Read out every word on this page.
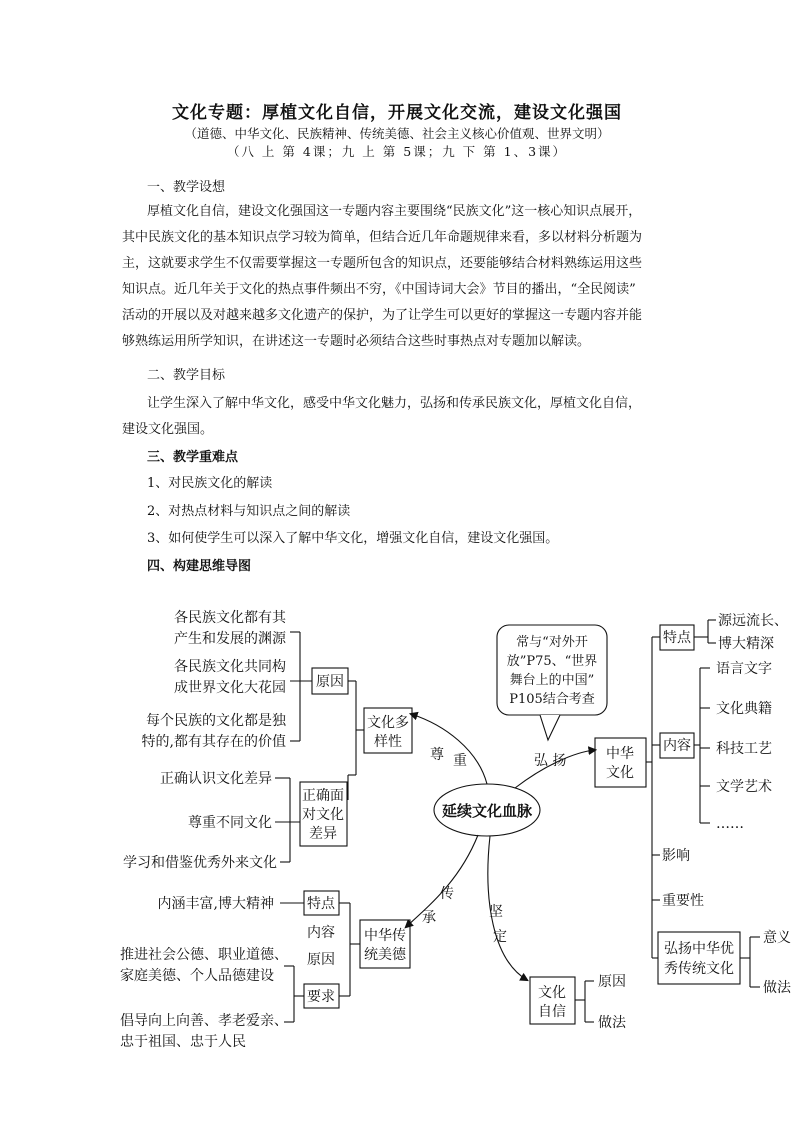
文化专题：厚植文化自信，开展文化交流，建设文化强国
（道德、中华文化、民族精神、传统美德、社会主义核心价值观、世界文明）
（八 上 第 4课；九 上 第 5课；九 下 第 1、3课）
一、教学设想
厚植文化自信，建设文化强国这一专题内容主要围绕“民族文化”这一核心知识点展开，
其中民族文化的基本知识点学习较为简单，但结合近几年命题规律来看，多以材料分析题为
主，这就要求学生不仅需要掌握这一专题所包含的知识点，还要能够结合材料熟练运用这些
知识点。近几年关于文化的热点事件频出不穷，《中国诗词大会》节目的播出，“全民阅读”
活动的开展以及对越来越多文化遗产的保护，为了让学生可以更好的掌握这一专题内容并能
够熟练运用所学知识，在讲述这一专题时必须结合这些时事热点对专题加以解读。
二、教学目标
让学生深入了解中华文化，感受中华文化魅力，弘扬和传承民族文化，厚植文化自信，
建设文化强国。
三、教学重难点
1、对民族文化的解读
2、对热点材料与知识点之间的解读
3、如何使学生可以深入了解中华文化，增强文化自信，建设文化强国。
四、构建思维导图
延续文化血脉
文化多
样性
尊 重
原因
各民族文化都有其
产生和发展的渊源
各民族文化共同构
成世界文化大花园
每个民族的文化都是独
特的,都有其存在的价值
正确面
对文化
差异
正确认识文化差异
尊重不同文化
学习和借鉴优秀外来文化
中华传
统美德
传
承
特点
内涵丰富,博大精神
内容
原因
要求
推进社会公德、职业道德、
家庭美德、个人品德建设
倡导向上向善、孝老爱亲、
忠于祖国、忠于人民
文化
自信
坚
定
原因
做法
中华
文化
弘 扬
常与“对外开
放”P75、“世界
舞台上的中国”
P105结合考查
特点
源远流长、
博大精深
内容
语言文字
文化典籍
科技工艺
文学艺术
……
影响
重要性
弘扬中华优
秀传统文化
意义
做法
